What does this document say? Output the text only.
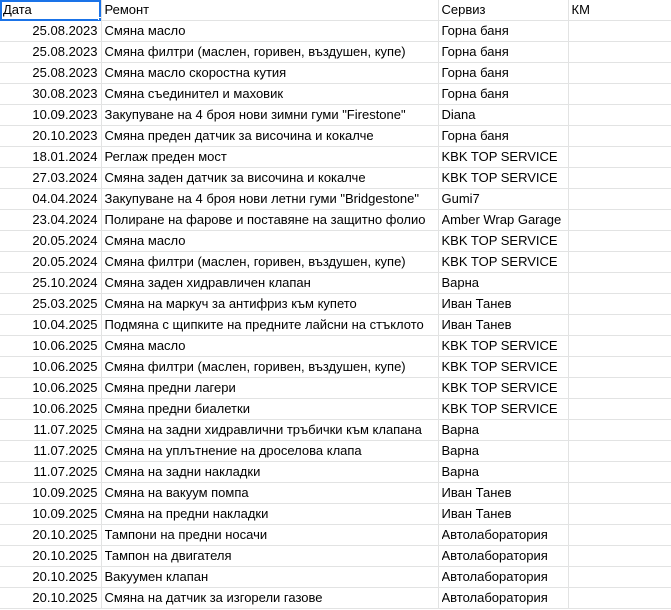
Дата	Ремонт	Сервиз	КМ

25.08.2023	Смяна масло	Горна баня	

25.08.2023	Смяна филтри (маслен, горивен, въздушен, купе)	Горна баня	

25.08.2023	Смяна масло скоростна кутия	Горна баня	

30.08.2023	Смяна съединител и маховик	Горна баня	

10.09.2023	Закупуване на 4 броя нови зимни гуми "Firestone"	Diana	

20.10.2023	Смяна преден датчик за височина и кокалче	Горна баня	

18.01.2024	Реглаж преден мост	KBK TOP SERVICE	

27.03.2024	Смяна заден датчик за височина и кокалче	KBK TOP SERVICE	

04.04.2024	Закупуване на 4 броя нови летни гуми "Bridgestone"	Gumi7	

23.04.2024	Полиране на фарове и поставяне на защитно фолио	Amber Wrap Garage	

20.05.2024	Смяна масло	KBK TOP SERVICE	

20.05.2024	Смяна филтри (маслен, горивен, въздушен, купе)	KBK TOP SERVICE	

25.10.2024	Смяна заден хидравличен клапан	Варна	

25.03.2025	Смяна на маркуч за антифриз към купето	Иван Танев	

10.04.2025	Подмяна с щипките на предните лайсни на стъклото	Иван Танев	

10.06.2025	Смяна масло	KBK TOP SERVICE	

10.06.2025	Смяна филтри (маслен, горивен, въздушен, купе)	KBK TOP SERVICE	

10.06.2025	Смяна предни лагери	KBK TOP SERVICE	

10.06.2025	Смяна предни биалетки	KBK TOP SERVICE	

11.07.2025	Смяна на задни хидравлични тръбички към клапана	Варна	

11.07.2025	Смяна на уплътнение на дроселова клапа	Варна	

11.07.2025	Смяна на задни накладки	Варна	

10.09.2025	Смяна на вакуум помпа	Иван Танев	

10.09.2025	Смяна на предни накладки	Иван Танев	

20.10.2025	Тампони на предни носачи	Автолаборатория	

20.10.2025	Тампон на двигателя	Автолаборатория	

20.10.2025	Вакуумен клапан	Автолаборатория	

20.10.2025	Смяна на датчик за изгорели газове	Автолаборатория	
